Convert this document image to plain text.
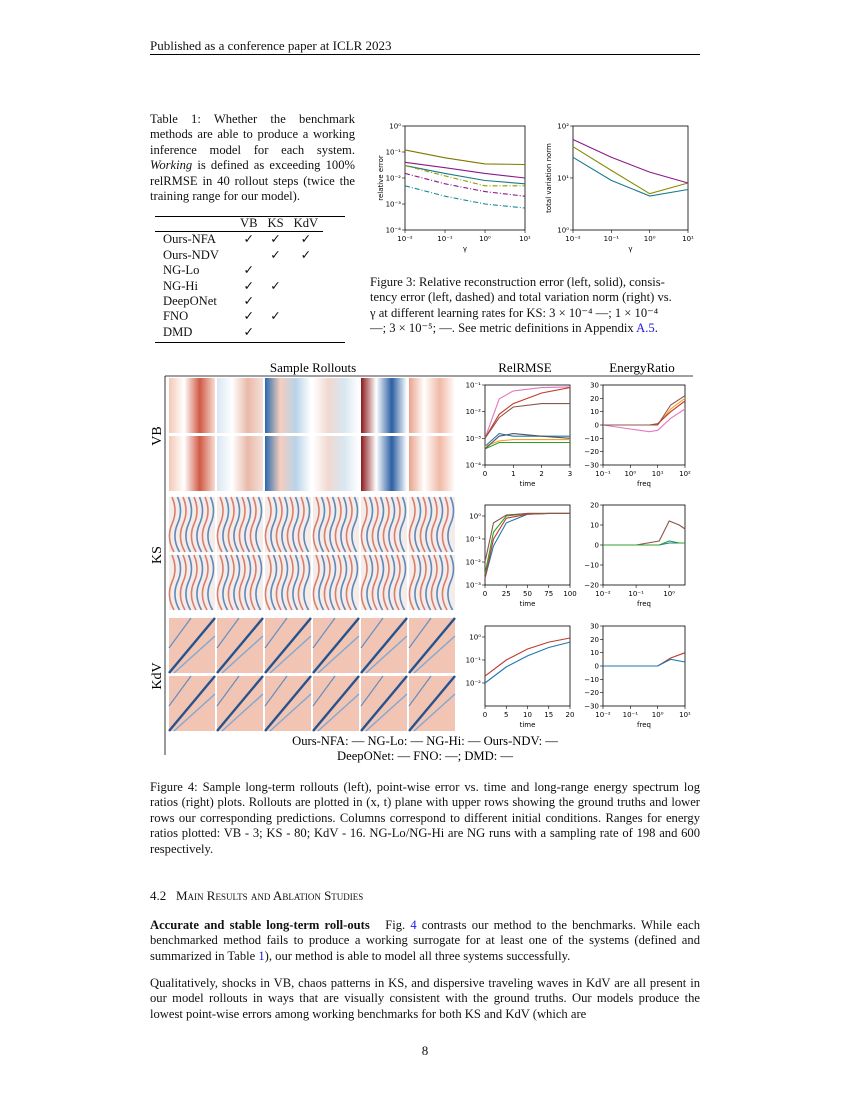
Published as a conference paper at ICLR 2023
Table 1: Whether the benchmark methods are able to produce a working inference model for each system. Working is defined as exceeding 100% relRMSE in 40 rollout steps (twice the training range for our model).
	VB	KS	KdV
Ours-NFA	✓	✓	✓
Ours-NDV		✓	✓
NG-Lo	✓		
NG-Hi	✓	✓	
DeepONet	✓		
FNO	✓	✓	
DMD	✓		
10⁻²	10⁻¹	10⁰	10¹
10⁰
10⁻¹
10⁻²
10⁻³
10⁻⁴
γ
relative error
10⁻²	10⁻¹	10⁰	10¹
10²
10¹
10⁰
γ
total variation norm
Figure 3: Relative reconstruction error (left, solid), consis-
tency error (left, dashed) and total variation norm (right) vs.
γ at different learning rates for KS: 3 × 10⁻⁴ —; 1 × 10⁻⁴
—; 3 × 10⁻⁵; —. See metric definitions in Appendix A.5.
Sample Rollouts	RelRMSE	EnergyRatio
VB
KS
KdV
0	1	2	3
10⁻¹
10⁻²
10⁻³
10⁻⁴
time
10⁻¹ 10⁰ 10¹ 10²
30
20
10
0
−10
−20
−30
freq
0 25 50 75 100
10⁰
10⁻¹
10⁻²
10⁻³
time
10⁻²	10⁻¹	10⁰
20
10
0
−10
−20
freq
0 5 10 15 20
10⁰
10⁻¹
10⁻²
time
10⁻² 10⁻¹ 10⁰ 10¹
30
20
10
0
−10
−20
−30
freq
Ours-NFA: — NG-Lo: — NG-Hi: — Ours-NDV: —
DeepONet: — FNO: —; DMD: —
Figure 4: Sample long-term rollouts (left), point-wise error vs. time and long-range energy spectrum log ratios (right) plots. Rollouts are plotted in (x, t) plane with upper rows showing the ground truths and lower rows our corresponding predictions. Columns correspond to different initial conditions. Ranges for energy ratios plotted: VB - 3; KS - 80; KdV - 16. NG-Lo/NG-Hi are NG runs with a sampling rate of 198 and 600 respectively.
4.2 Main Results and Ablation Studies
Accurate and stable long-term roll-outs   Fig. 4 contrasts our method to the benchmarks. While each benchmarked method fails to produce a working surrogate for at least one of the systems (defined and summarized in Table 1), our method is able to model all three systems successfully.
Qualitatively, shocks in VB, chaos patterns in KS, and dispersive traveling waves in KdV are all present in our model rollouts in ways that are visually consistent with the ground truths. Our models produce the lowest point-wise errors among working benchmarks for both KS and KdV (which are
8
